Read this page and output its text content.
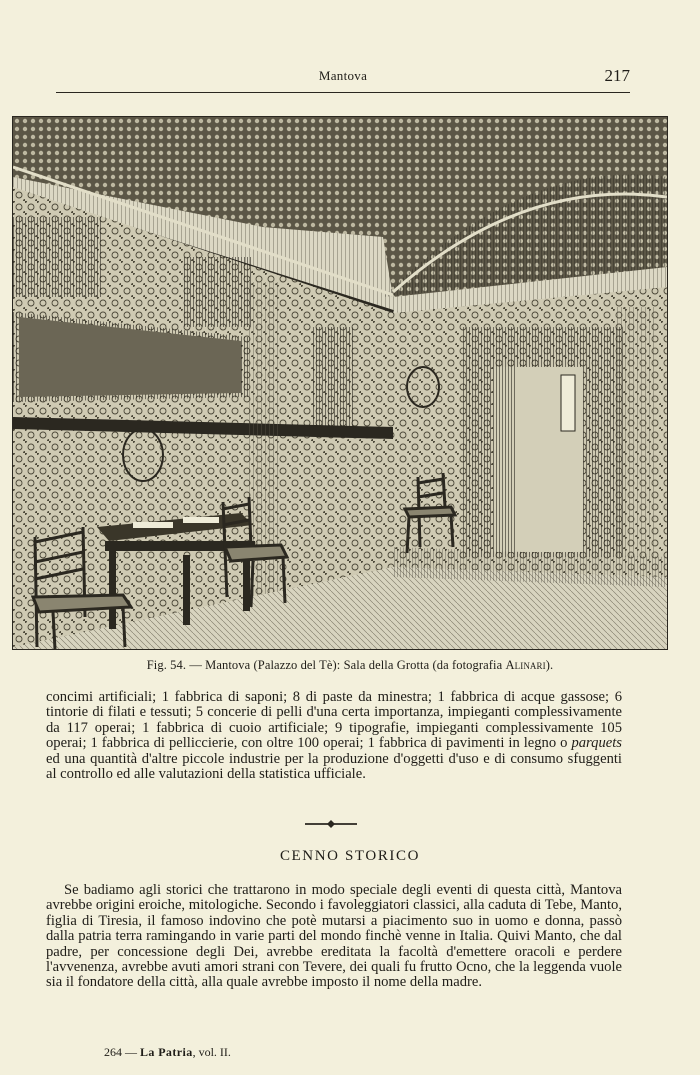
Mantova	217
Fig. 54. — Mantova (Palazzo del Tè): Sala della Grotta (da fotografia Alinari).

concimi artificiali; 1 fabbrica di saponi; 8 di paste da minestra; 1 fabbrica di acque gassose; 6 tintorie di filati e tessuti; 5 concerie di pelli d'una certa importanza, impieganti complessivamente da 117 operai; 1 fabbrica di cuoio artificiale; 9 tipografie, impieganti complessivamente 105 operai; 1 fabbrica di pelliccierie, con oltre 100 operai; 1 fabbrica di pavimenti in legno o parquets ed una quantità d'altre piccole industrie per la produzione d'oggetti d'uso e di consumo sfuggenti al controllo ed alle valutazioni della statistica ufficiale.

CENNO STORICO

Se badiamo agli storici che trattarono in modo speciale degli eventi di questa città, Mantova avrebbe origini eroiche, mitologiche. Secondo i favoleggiatori classici, alla caduta di Tebe, Manto, figlia di Tiresia, il famoso indovino che potè mutarsi a piacimento suo in uomo e donna, passò dalla patria terra ramingando in varie parti del mondo finchè venne in Italia. Quivi Manto, che dal padre, per concessione degli Dei, avrebbe ereditata la facoltà d'emettere oracoli e perdere l'avvenenza, avrebbe avuti amori strani con Tevere, dei quali fu frutto Ocno, che la leggenda vuole sia il fondatore della città, alla quale avrebbe imposto il nome della madre.

264 — La Patria, vol. II.
